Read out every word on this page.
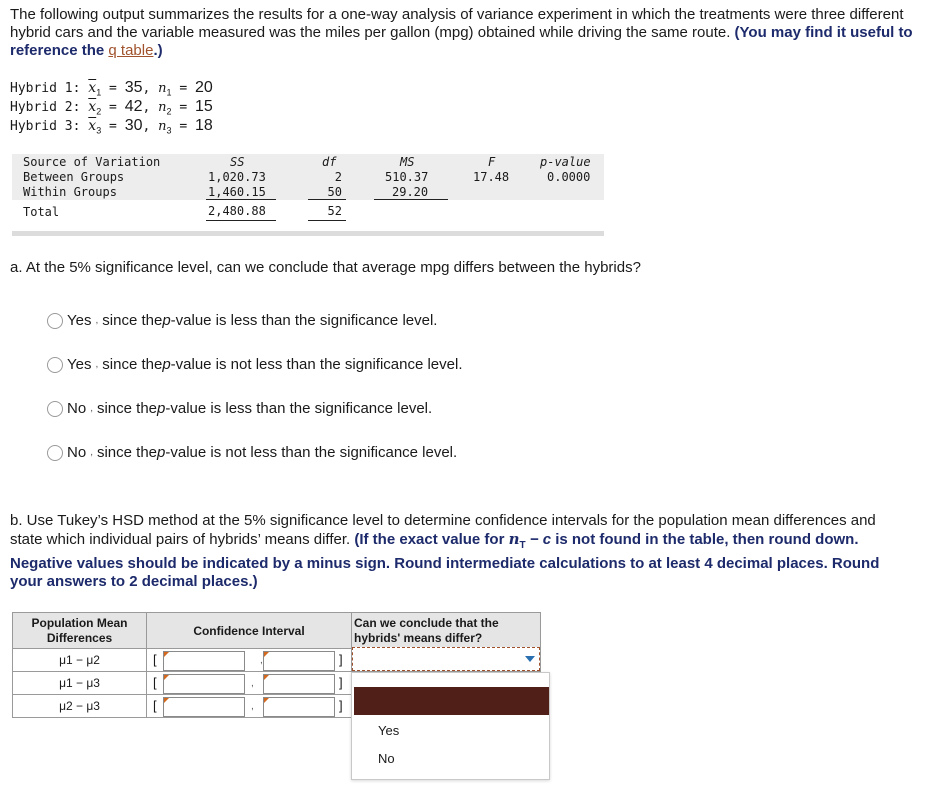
The following output summarizes the results for a one-way analysis of variance experiment in which the treatments were three different hybrid cars and the variable measured was the miles per gallon (mpg) obtained while driving the same route. (You may find it useful to reference the q table.)
Hybrid 1: $\overline{x}_1 = 35$, $n_1 = 20$
Hybrid 2: $\overline{x}_2 = 42$, $n_2 = 15$
Hybrid 3: $\overline{x}_3 = 30$, $n_3 = 18$
Source of Variation	SS	df	MS	F	p-value
Between Groups	1,020.73	2	510.37	17.48	0.0000
Within Groups	1,460.15	50	29.20
Total	2,480.88	52
a. At the 5% significance level, can we conclude that average mpg differs between the hybrids?
Yes , since the p -value is less than the significance level.
Yes , since the p -value is not less than the significance level.
No , since the p -value is less than the significance level.
No , since the p -value is not less than the significance level.
b. Use Tukey’s HSD method at the 5% significance level to determine confidence intervals for the population mean differences and state which individual pairs of hybrids’ means differ. (If the exact value for $n_T - c$ is not found in the table, then round down. Negative values should be indicated by a minus sign. Round intermediate calculations to at least 4 decimal places. Round your answers to 2 decimal places.)
Population Mean Differences	Confidence Interval	Can we conclude that the hybrids' means differ?
μ1 − μ2	[ , ]	

μ1 − μ3	[ , ]	

μ2 − μ3	[ , ]	

Yes
No
